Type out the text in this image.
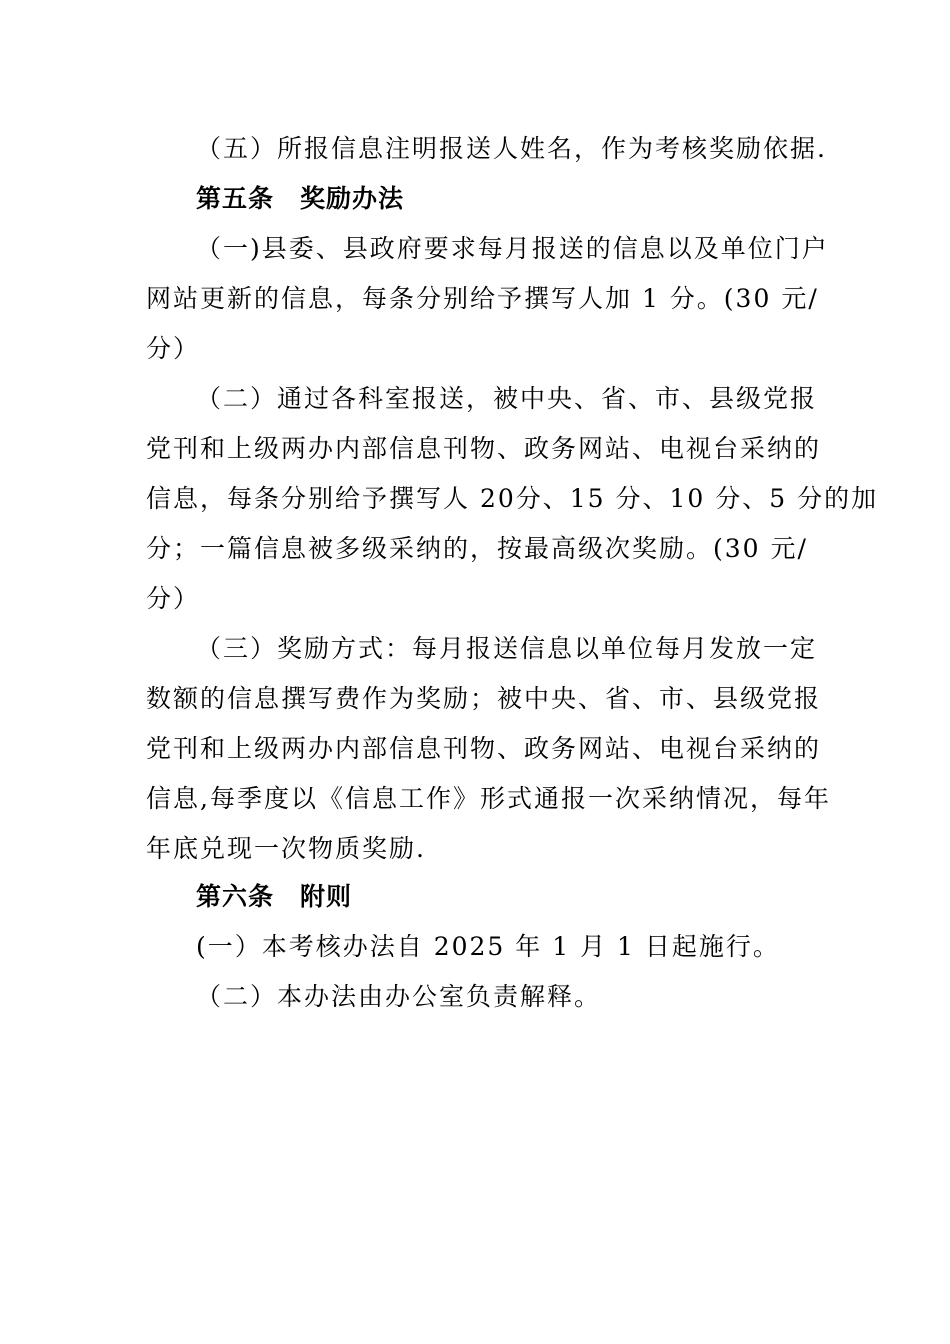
（五）所报信息注明报送人姓名，作为考核奖励依据.
第五条　奖励办法
（一)县委、县政府要求每月报送的信息以及单位门户
网站更新的信息，每条分别给予撰写人加 1 分。(30 元/
分）
（二）通过各科室报送，被中央、省、市、县级党报
党刊和上级两办内部信息刊物、政务网站、电视台采纳的
信息，每条分别给予撰写人 20分、15 分、10 分、5 分的加
分；一篇信息被多级采纳的，按最高级次奖励。(30 元/
分）
（三）奖励方式：每月报送信息以单位每月发放一定
数额的信息撰写费作为奖励；被中央、省、市、县级党报
党刊和上级两办内部信息刊物、政务网站、电视台采纳的
信息,每季度以《信息工作》形式通报一次采纳情况，每年
年底兑现一次物质奖励.
第六条　附则
(一）本考核办法自 2025 年 1 月 1 日起施行。
（二）本办法由办公室负责解释。
